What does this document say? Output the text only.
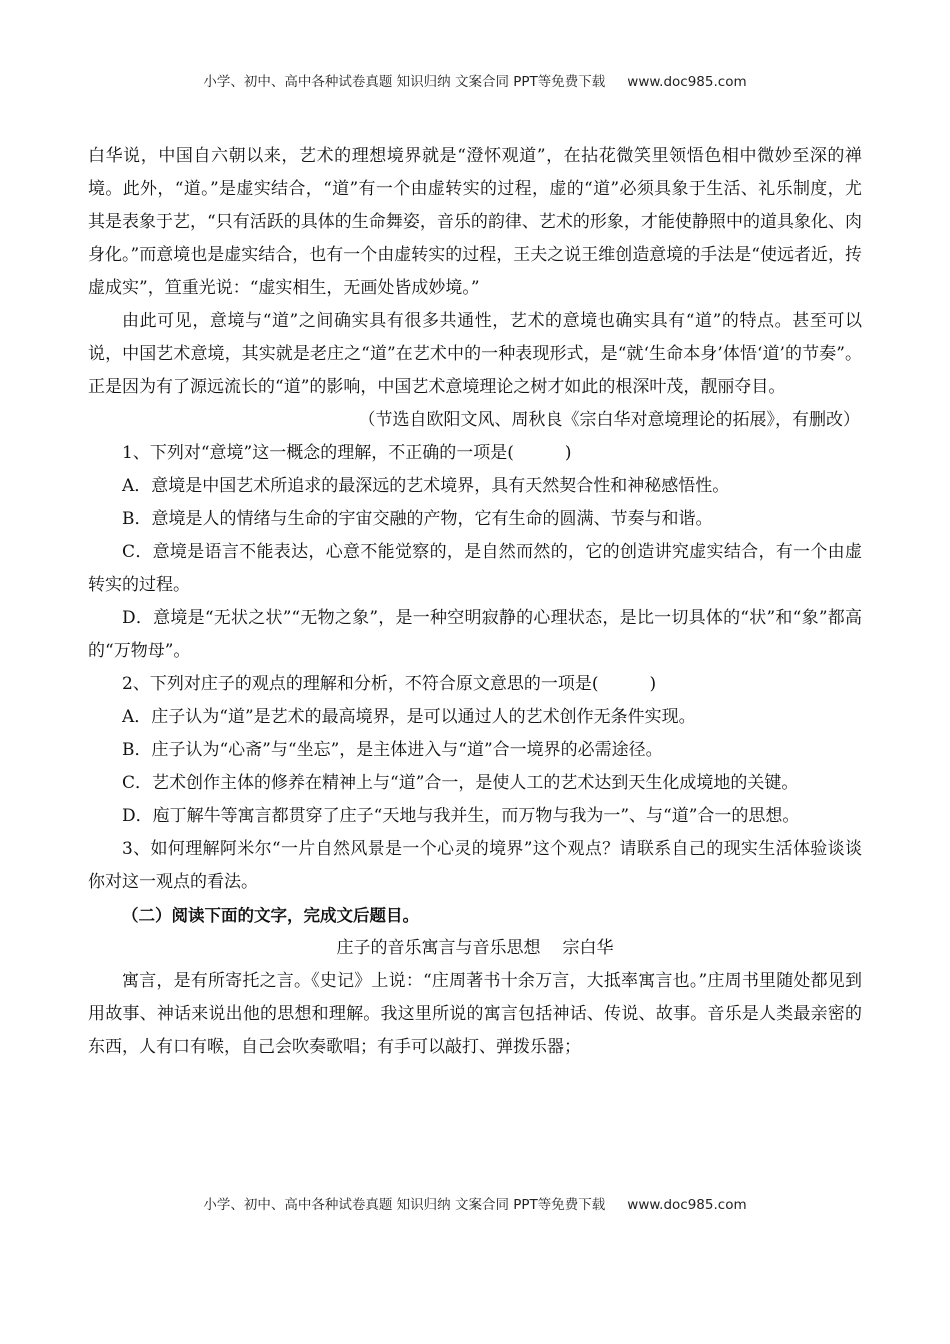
小学、初中、高中各种试卷真题 知识归纳 文案合同 PPT等免费下载 www.doc985.com

白华说，中国自六朝以来，艺术的理想境界就是“澄怀观道”，在拈花微笑里领悟色相中微妙至深的禅境。此外，“道。”是虚实结合，“道”有一个由虚转实的过程，虚的“道”必须具象于生活、礼乐制度，尤其是表象于艺，“只有活跃的具体的生命舞姿，音乐的韵律、艺术的形象，才能使静照中的道具象化、肉身化。”而意境也是虚实结合，也有一个由虚转实的过程，王夫之说王维创造意境的手法是“使远者近，抟虚成实”，笪重光说：“虚实相生，无画处皆成妙境。”

由此可见，意境与“道”之间确实具有很多共通性，艺术的意境也确实具有“道”的特点。甚至可以说，中国艺术意境，其实就是老庄之“道”在艺术中的一种表现形式，是“就‘生命本身’体悟‘道’的节奏”。正是因为有了源远流长的“道”的影响，中国艺术意境理论之树才如此的根深叶茂，靓丽夺目。

（节选自欧阳文风、周秋良《宗白华对意境理论的拓展》，有删改）

1、下列对“意境”这一概念的理解，不正确的一项是(　　　)

A．意境是中国艺术所追求的最深远的艺术境界，具有天然契合性和神秘感悟性。

B．意境是人的情绪与生命的宇宙交融的产物，它有生命的圆满、节奏与和谐。

C．意境是语言不能表达，心意不能觉察的，是自然而然的，它的创造讲究虚实结合，有一个由虚转实的过程。

D．意境是“无状之状”“无物之象”，是一种空明寂静的心理状态，是比一切具体的“状”和“象”都高的“万物母”。

2、下列对庄子的观点的理解和分析，不符合原文意思的一项是(　　　)

A．庄子认为“道”是艺术的最高境界，是可以通过人的艺术创作无条件实现。

B．庄子认为“心斋”与“坐忘”，是主体进入与“道”合一境界的必需途径。

C．艺术创作主体的修养在精神上与“道”合一，是使人工的艺术达到天生化成境地的关键。

D．庖丁解牛等寓言都贯穿了庄子“天地与我并生，而万物与我为一”、与“道”合一的思想。

3、如何理解阿米尔“一片自然风景是一个心灵的境界”这个观点？请联系自己的现实生活体验谈谈你对这一观点的看法。

（二）阅读下面的文字，完成文后题目。

庄子的音乐寓言与音乐思想 宗白华

寓言，是有所寄托之言。《史记》上说：“庄周著书十余万言，大抵率寓言也。”庄周书里随处都见到用故事、神话来说出他的思想和理解。我这里所说的寓言包括神话、传说、故事。音乐是人类最亲密的东西，人有口有喉，自己会吹奏歌唱；有手可以敲打、弹拨乐器；

小学、初中、高中各种试卷真题 知识归纳 文案合同 PPT等免费下载 www.doc985.com
